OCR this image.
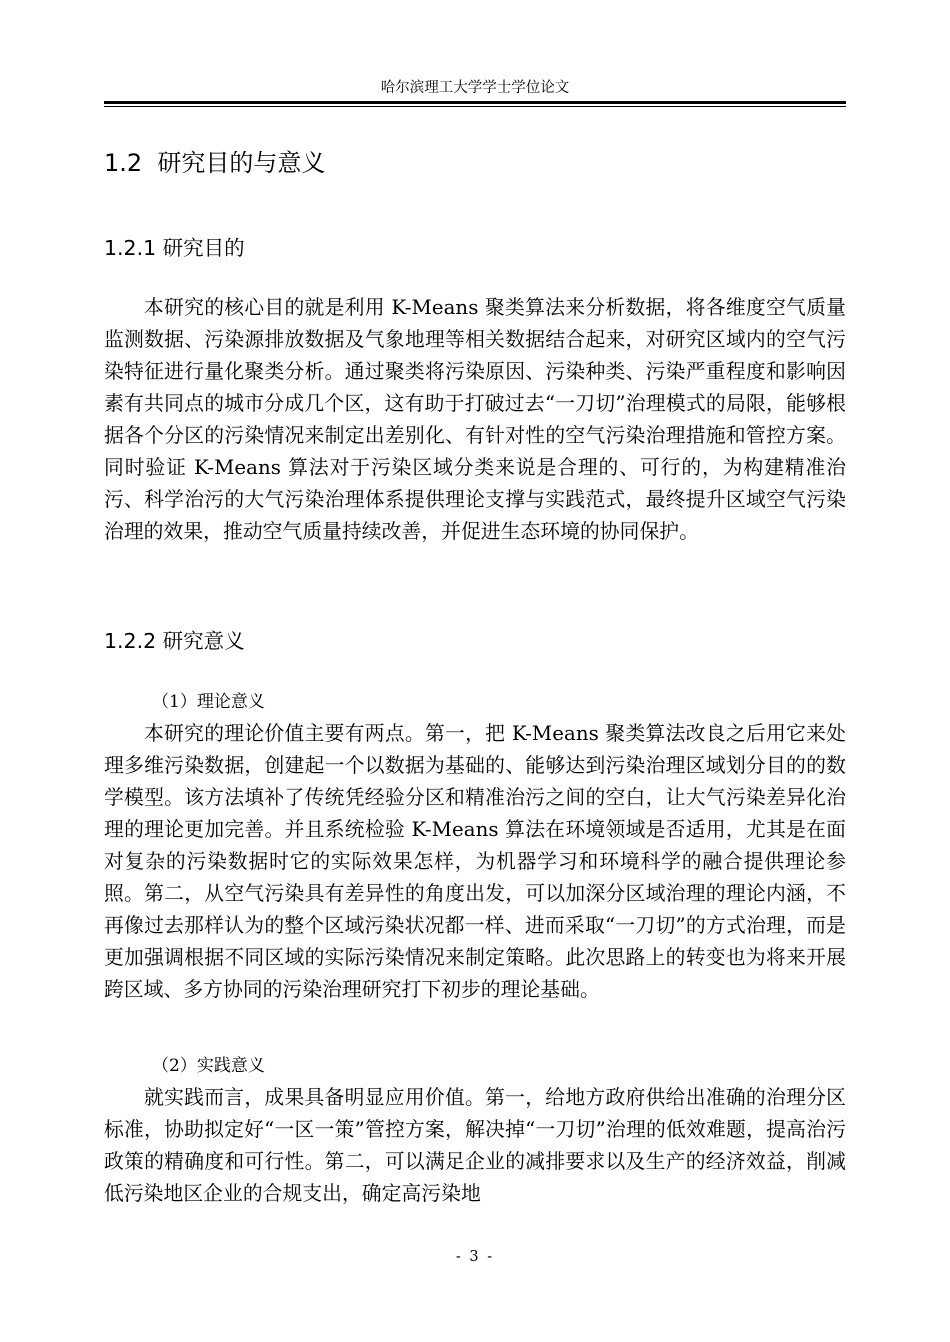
哈尔滨理工大学学士学位论文
1.2  研究目的与意义
1.2.1 研究目的

本研究的核心目的就是利用 K-Means 聚类算法来分析数据，将各维度空气质量监测数据、污染源排放数据及气象地理等相关数据结合起来，对研究区域内的空气污染特征进行量化聚类分析。通过聚类将污染原因、污染种类、污染严重程度和影响因素有共同点的城市分成几个区，这有助于打破过去“一刀切”治理模式的局限，能够根据各个分区的污染情况来制定出差别化、有针对性的空气污染治理措施和管控方案。同时验证 K-Means 算法对于污染区域分类来说是合理的、可行的，为构建精准治污、科学治污的大气污染治理体系提供理论支撑与实践范式，最终提升区域空气污染治理的效果，推动空气质量持续改善，并促进生态环境的协同保护。

1.2.2 研究意义
（1）理论意义

本研究的理论价值主要有两点。第一，把 K-Means 聚类算法改良之后用它来处理多维污染数据，创建起一个以数据为基础的、能够达到污染治理区域划分目的的数学模型。该方法填补了传统凭经验分区和精准治污之间的空白，让大气污染差异化治理的理论更加完善。并且系统检验 K-Means 算法在环境领域是否适用，尤其是在面对复杂的污染数据时它的实际效果怎样，为机器学习和环境科学的融合提供理论参照。第二，从空气污染具有差异性的角度出发，可以加深分区域治理的理论内涵，不再像过去那样认为的整个区域污染状况都一样、进而采取“一刀切”的方式治理，而是更加强调根据不同区域的实际污染情况来制定策略。此次思路上的转变也为将来开展跨区域、多方协同的污染治理研究打下初步的理论基础。

（2）实践意义

就实践而言，成果具备明显应用价值。第一，给地方政府供给出准确的治理分区标准，协助拟定好“一区一策”管控方案，解决掉“一刀切”治理的低效难题，提高治污政策的精确度和可行性。第二，可以满足企业的减排要求以及生产的经济效益，削减低污染地区企业的合规支出，确定高污染地

- 3 -
